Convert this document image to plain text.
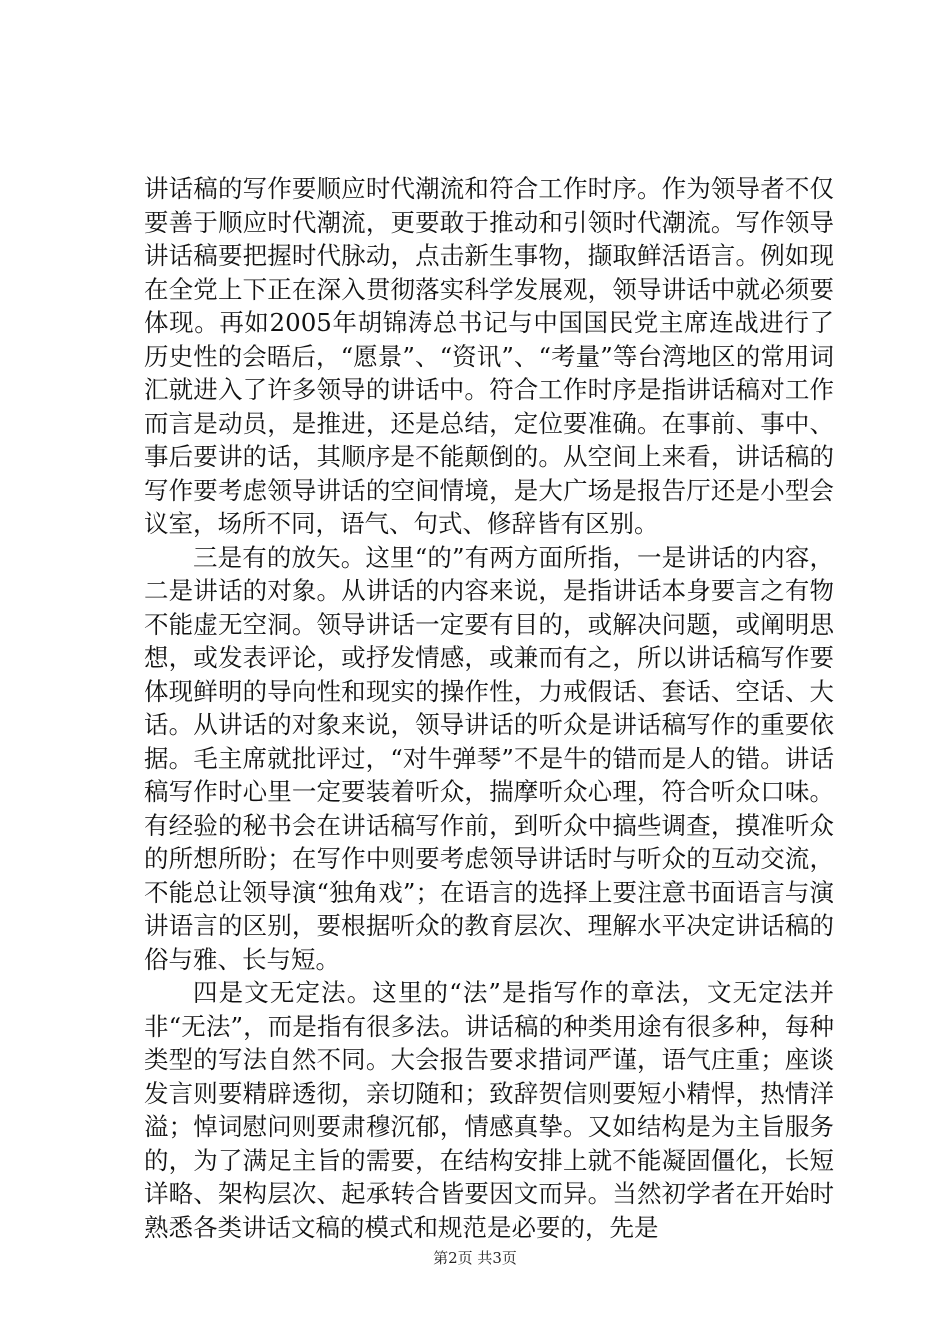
讲话稿的写作要顺应时代潮流和符合工作时序。作为领导者不仅要善于顺应时代潮流，更要敢于推动和引领时代潮流。写作领导讲话稿要把握时代脉动，点击新生事物，撷取鲜活语言。例如现在全党上下正在深入贯彻落实科学发展观，领导讲话中就必须要体现。再如2005年胡锦涛总书记与中国国民党主席连战进行了历史性的会晤后，“愿景”、“资讯”、“考量”等台湾地区的常用词汇就进入了许多领导的讲话中。符合工作时序是指讲话稿对工作而言是动员，是推进，还是总结，定位要准确。在事前、事中、事后要讲的话，其顺序是不能颠倒的。从空间上来看，讲话稿的写作要考虑领导讲话的空间情境，是大广场是报告厅还是小型会议室，场所不同，语气、句式、修辞皆有区别。

三是有的放矢。这里“的”有两方面所指，一是讲话的内容，二是讲话的对象。从讲话的内容来说，是指讲话本身要言之有物不能虚无空洞。领导讲话一定要有目的，或解决问题，或阐明思想，或发表评论，或抒发情感，或兼而有之，所以讲话稿写作要体现鲜明的导向性和现实的操作性，力戒假话、套话、空话、大话。从讲话的对象来说，领导讲话的听众是讲话稿写作的重要依据。毛主席就批评过，“对牛弹琴”不是牛的错而是人的错。讲话稿写作时心里一定要装着听众，揣摩听众心理，符合听众口味。有经验的秘书会在讲话稿写作前，到听众中搞些调查，摸准听众的所想所盼；在写作中则要考虑领导讲话时与听众的互动交流，不能总让领导演“独角戏”；在语言的选择上要注意书面语言与演讲语言的区别，要根据听众的教育层次、理解水平决定讲话稿的俗与雅、长与短。

四是文无定法。这里的“法”是指写作的章法，文无定法并非“无法”，而是指有很多法。讲话稿的种类用途有很多种，每种类型的写法自然不同。大会报告要求措词严谨，语气庄重；座谈发言则要精辟透彻，亲切随和；致辞贺信则要短小精悍，热情洋溢；悼词慰问则要肃穆沉郁，情感真挚。又如结构是为主旨服务的，为了满足主旨的需要，在结构安排上就不能凝固僵化，长短详略、架构层次、起承转合皆要因文而异。当然初学者在开始时熟悉各类讲话文稿的模式和规范是必要的，先是

第2页 共3页
